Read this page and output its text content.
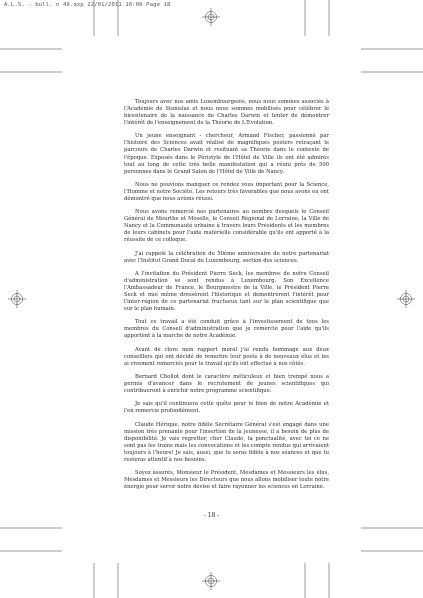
A.L.S. - bull. n 49.qxp 22/01/2011 16:06 Page 18

Toujours avec nos amis Luxembourgeois, nous nous sommes associés à l'Académie de Stanislas et nous nous sommes mobilisés pour célébrer le bicentenaire de la naissance de Charles Darwin et tenter de démontrer l'intérêt de l'enseignement de la Théorie de L'Evolution.

Un jeune enseignant - chercheur, Armand Fischer, passionné par l'histoire des Sciences avait réalisé de magnifiques posters retraçant le parcours de Charles Darwin et resituant sa Théorie dans le contexte de l'époque. Exposés dans le Péristyle de l'Hôtel de Ville ils ont été admirés tout au long de cette très belle manifestation qui a réuni près de 500 personnes dans le Grand Salon de l'Hôtel de Ville de Nancy.

Nous ne pouvions manquer ce rendez vous important pour la Science, l'Homme et notre Société. Les retours très favorables que nous avons eu ont démontré que nous avions réussi.

Nous avons remercié nos partenaires au nombre desquels le Conseil Général de Meurthe et Moselle, le Conseil Régional de Lorraine, la Ville de Nancy et la Communauté urbaine à travers leurs Présidents et les membres de leurs cabinets pour l'aide matérielle considérable qu'ils ont apporté à la réussite de ce colloque.

J'ai rappelé la célébration du 50ème anniversaire de notre partenariat avec l'Institut Grand Ducal de Luxembourg, section des sciences.

A l'invitation du Président Pierre Seck, les membres de notre Conseil d'administration se sont rendus à Luxembourg. Son Excellence l'Ambassadeur de France, le Bourgmestre de la Ville, le Président Pierre Seck et moi même dressèrent l'historique et démontrèrent l'intérêt pour l'inter-région de ce partenariat fructueux tant sur le plan scientifique que sur le plan humain.

Tout ce travail a été conduit grâce à l'investissement de tous les membres du Conseil d'administration que je remercie pour l'aide qu'ils apportent à la marche de notre Académie.

Avant de clore mon rapport moral j'ai rendu hommage aux deux conseillers qui ont décidé de remettre leur poste à de nouveaux élus et les ai vivement remerciés pour le travail qu'ils ont effectué à nos côtés.

Bernard Chollot dont le caractère méticuleux et bien trempé nous a permis d'avancer dans le recrutement de jeunes scientifiques qui contribueront à enrichir notre programme scientifique.

Je sais qu'il continuera cette quête pour le bien de notre Académie et l'en remercie profondément.

Claude Hérique, notre fidèle Secrétaire Général s'est engagé dans une mission très prenante pour l'insertion de la jeunesse, il a besoin de plus de disponibilité. Je vais regretter, cher Claude, ta ponctualité, avec toi ce ne sont pas les trains mais les convocations et les compte rendus qui arrivaient toujours à l'heure! Je sais, aussi, que tu seras fidèle à nos séances et que tu resteras attentif à nos besoins.

Soyez assurés, Monsieur le Président, Mesdames et Messieurs les élus, Mesdames et Messieurs les Directeurs que nous allons mobiliser toute notre énergie pour servir notre devise et faire rayonner les sciences en Lorraine.

- 18 -
